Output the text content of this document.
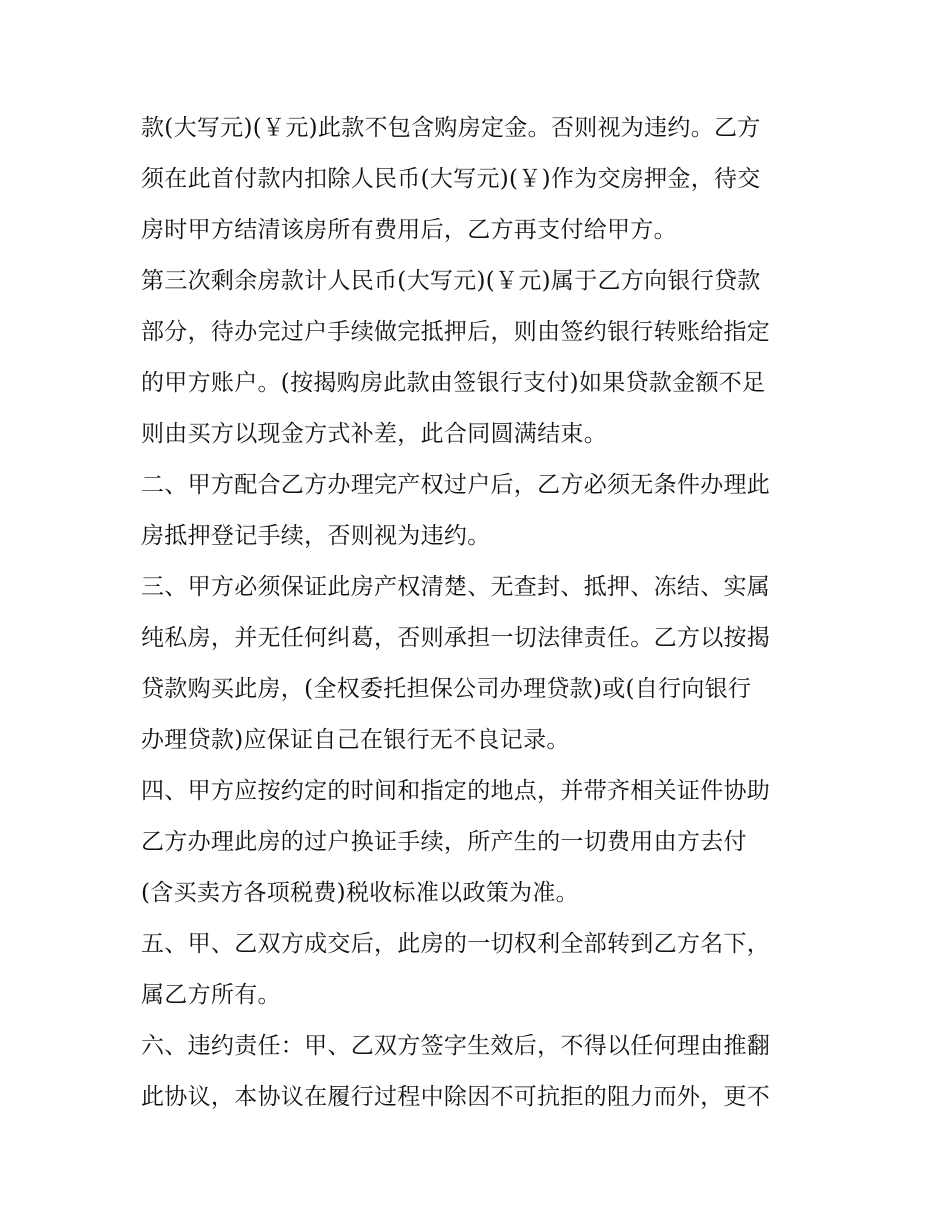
款(大写元)(￥元)此款不包含购房定金。否则视为违约。乙方
须在此首付款内扣除人民币(大写元)(￥)作为交房押金，待交
房时甲方结清该房所有费用后，乙方再支付给甲方。
第三次剩余房款计人民币(大写元)(￥元)属于乙方向银行贷款
部分，待办完过户手续做完抵押后，则由签约银行转账给指定
的甲方账户。(按揭购房此款由签银行支付)如果贷款金额不足
则由买方以现金方式补差，此合同圆满结束。
二、甲方配合乙方办理完产权过户后，乙方必须无条件办理此
房抵押登记手续，否则视为违约。
三、甲方必须保证此房产权清楚、无查封、抵押、冻结、实属
纯私房，并无任何纠葛，否则承担一切法律责任。乙方以按揭
贷款购买此房，(全权委托担保公司办理贷款)或(自行向银行
办理贷款)应保证自己在银行无不良记录。
四、甲方应按约定的时间和指定的地点，并带齐相关证件协助
乙方办理此房的过户换证手续，所产生的一切费用由方去付
(含买卖方各项税费)税收标准以政策为准。
五、甲、乙双方成交后，此房的一切权利全部转到乙方名下，
属乙方所有。
六、违约责任：甲、乙双方签字生效后，不得以任何理由推翻
此协议，本协议在履行过程中除因不可抗拒的阻力而外，更不
